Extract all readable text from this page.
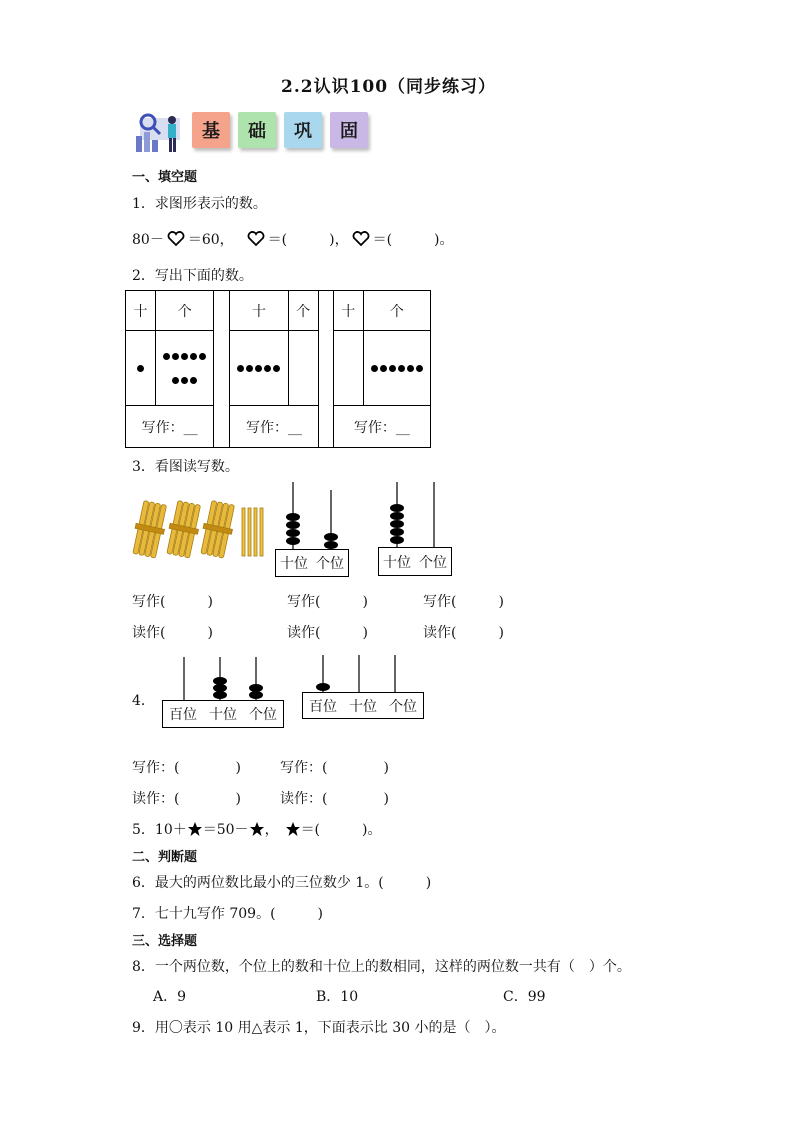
2.2认识100（同步练习）
基	础	巩	固
一、填空题
1．求图形表示的数。
80－ ＝60， ＝(　　　)， ＝(　　　)。
2．写出下面的数。
十	个		十	个		十	个

写作：__			写作：__			写作：__	
3．看图读写数。
十位 个位	十位 个位
写作(　　　)	写作(　　　)	写作(　　　)
读作(　　　)	读作(　　　)	读作(　　　)
4．
百位 十位 个位
百位 十位 个位
写作：(　　　　)	写作：(　　　　)
读作：(　　　　)	读作：(　　　　)
5．10＋ ＝50－ ， ＝(　　　)。
二、判断题
6．最大的两位数比最小的三位数少 1。(　　　)
7．七十九写作 709。(　　　)
三、选择题
8．一个两位数，个位上的数和十位上的数相同，这样的两位数一共有（　）个。
A．9	B．10	C．99
9．用〇表示 10 用△表示 1，下面表示比 30 小的是（　）。
